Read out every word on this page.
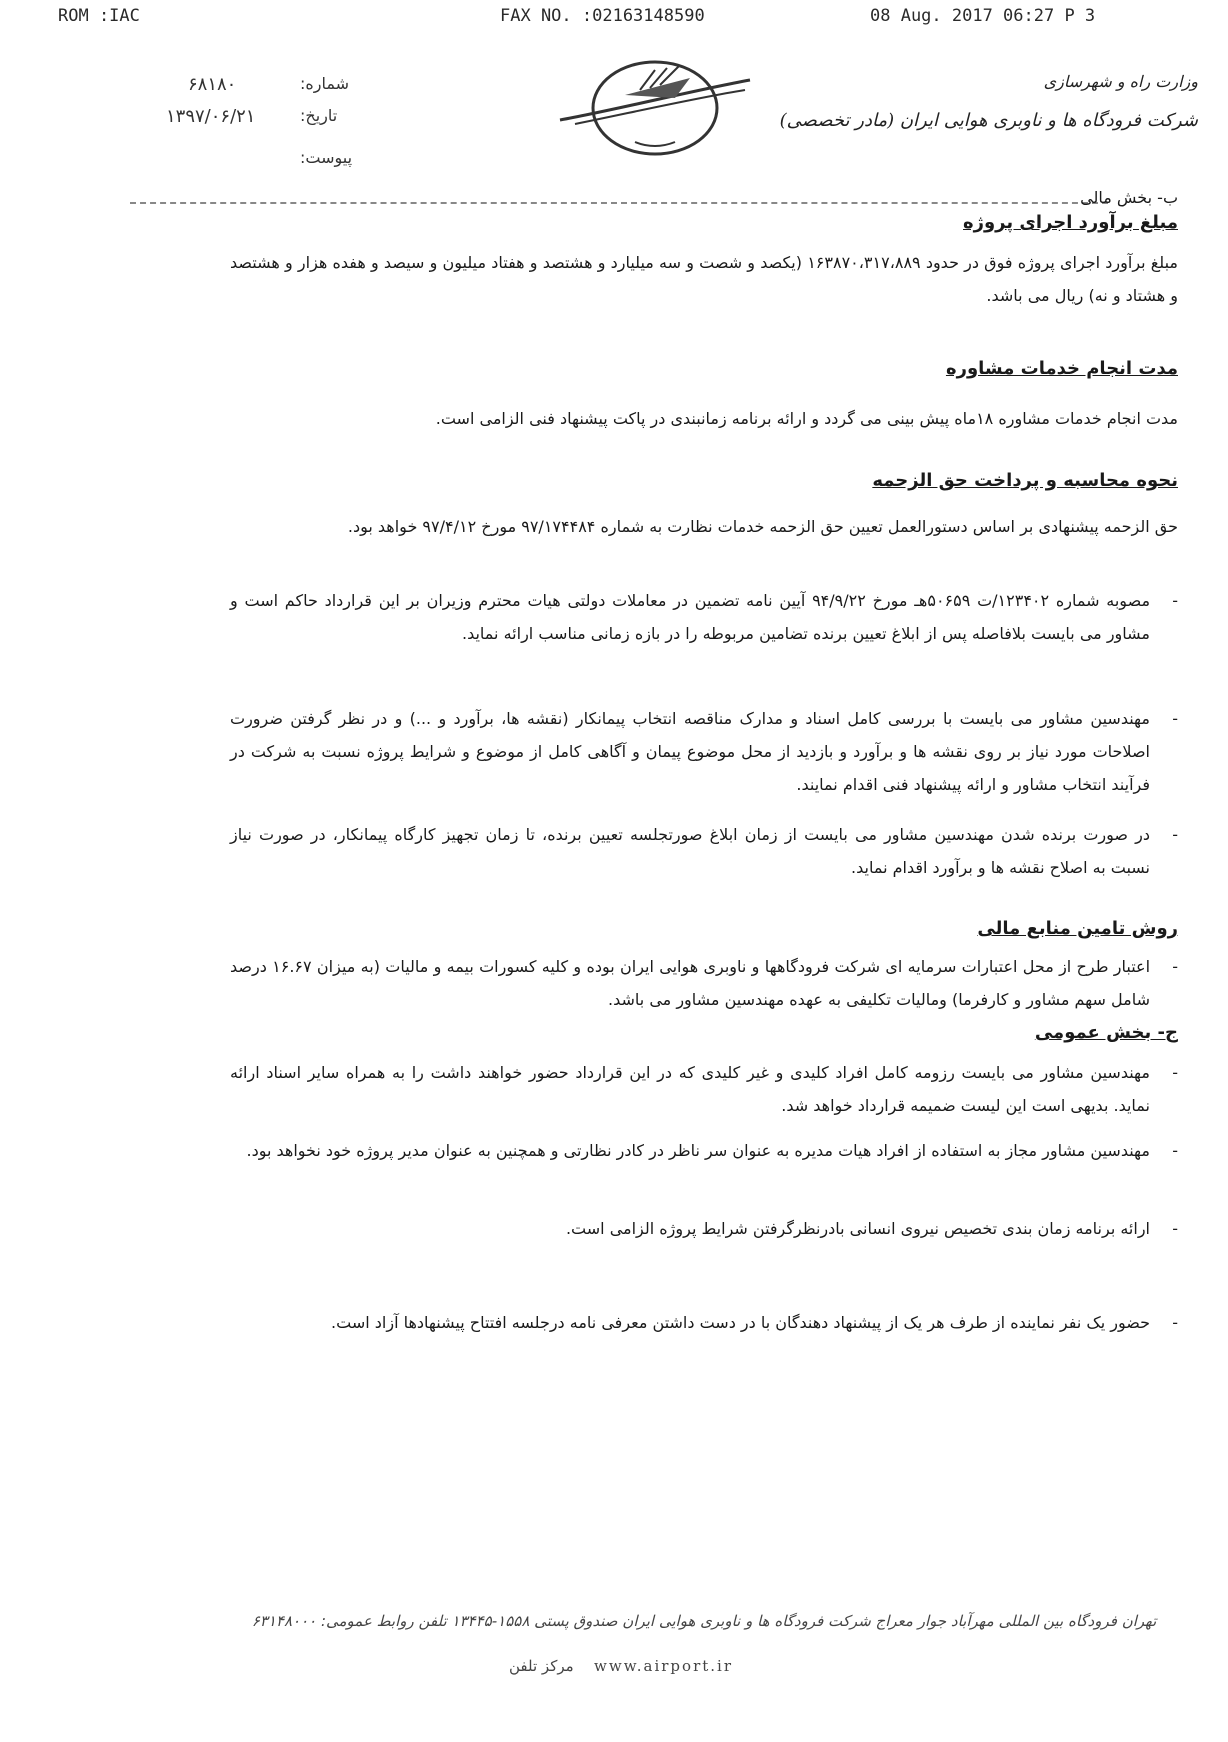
ROM :IAC	FAX NO. :02163148590	08 Aug. 2017 06:27 P 3
۶۸۱۸۰
۱۳۹۷/۰۶/۲۱
شماره:
تاریخ:
پیوست:
وزارت راه و شهرسازی
شرکت فرودگاه ها و ناوبری هوایی ایران (مادر تخصصی)
ب- بخش مالی
مبلغ برآورد اجرای پروژه
مبلغ برآورد اجرای پروژه فوق در حدود ۱۶۳۸۷۰،۳۱۷،۸۸۹ (یکصد و شصت و سه میلیارد و هشتصد و هفتاد میلیون و سیصد و هفده هزار و هشتصد و هشتاد و نه) ریال می باشد.
مدت انجام خدمات مشاوره
مدت انجام خدمات مشاوره ۱۸ماه پیش بینی می گردد و ارائه برنامه زمانبندی در پاکت پیشنهاد فنی الزامی است.
نحوه محاسبه و پرداخت حق الزحمه
حق الزحمه پیشنهادی بر اساس دستورالعمل تعیین حق الزحمه خدمات نظارت به شماره ۹۷/۱۷۴۴۸۴ مورخ ۹۷/۴/۱۲ خواهد بود.
-
مصوبه شماره ۱۲۳۴۰۲/ت ۵۰۶۵۹هـ مورخ ۹۴/۹/۲۲ آیین نامه تضمین در معاملات دولتی هیات محترم وزیران بر این قرارداد حاکم است و مشاور می بایست بلافاصله پس از ابلاغ تعیین برنده تضامین مربوطه را در بازه زمانی مناسب ارائه نماید.
-
مهندسین مشاور می بایست با بررسی کامل اسناد و مدارک مناقصه انتخاب پیمانکار (نقشه ها، برآورد و ...) و در نظر گرفتن ضرورت اصلاحات مورد نیاز بر روی نقشه ها و برآورد و بازدید از محل موضوع پیمان و آگاهی کامل از موضوع و شرایط پروژه نسبت به شرکت در فرآیند انتخاب مشاور و ارائه پیشنهاد فنی اقدام نمایند.
-
در صورت برنده شدن مهندسین مشاور می بایست از زمان ابلاغ صورتجلسه تعیین برنده، تا زمان تجهیز کارگاه پیمانکار، در صورت نیاز نسبت به اصلاح نقشه ها و برآورد اقدام نماید.
روش تامین منابع مالی
-
اعتبار طرح از محل اعتبارات سرمایه ای شرکت فرودگاهها و ناوبری هوایی ایران بوده و کلیه کسورات بیمه و مالیات (به میزان ۱۶.۶۷ درصد شامل سهم مشاور و کارفرما) ومالیات تکلیفی به عهده مهندسین مشاور می باشد.
ج- بخش عمومی
-
مهندسین مشاور می بایست رزومه کامل افراد کلیدی و غیر کلیدی که در این قرارداد حضور خواهند داشت را به همراه سایر اسناد ارائه نماید. بدیهی است این لیست ضمیمه قرارداد خواهد شد.
-
مهندسین مشاور مجاز به استفاده از افراد هیات مدیره به عنوان سر ناظر در کادر نظارتی و همچنین به عنوان مدیر پروژه خود نخواهد بود.
-
ارائه برنامه زمان بندی تخصیص نیروی انسانی بادرنظرگرفتن شرایط پروژه الزامی است.
-
حضور یک نفر نماینده از طرف هر یک از پیشنهاد دهندگان با در دست داشتن معرفی نامه درجلسه افتتاح پیشنهادها آزاد است.
تهران فرودگاه بین المللی مهرآباد جوار معراج شرکت فرودگاه ها و ناوبری هوایی ایران صندوق پستی ۱۵۵۸-۱۳۴۴۵ تلفن روابط عمومی: ۶۳۱۴۸۰۰۰
مرکز تلفن www.airport.ir
